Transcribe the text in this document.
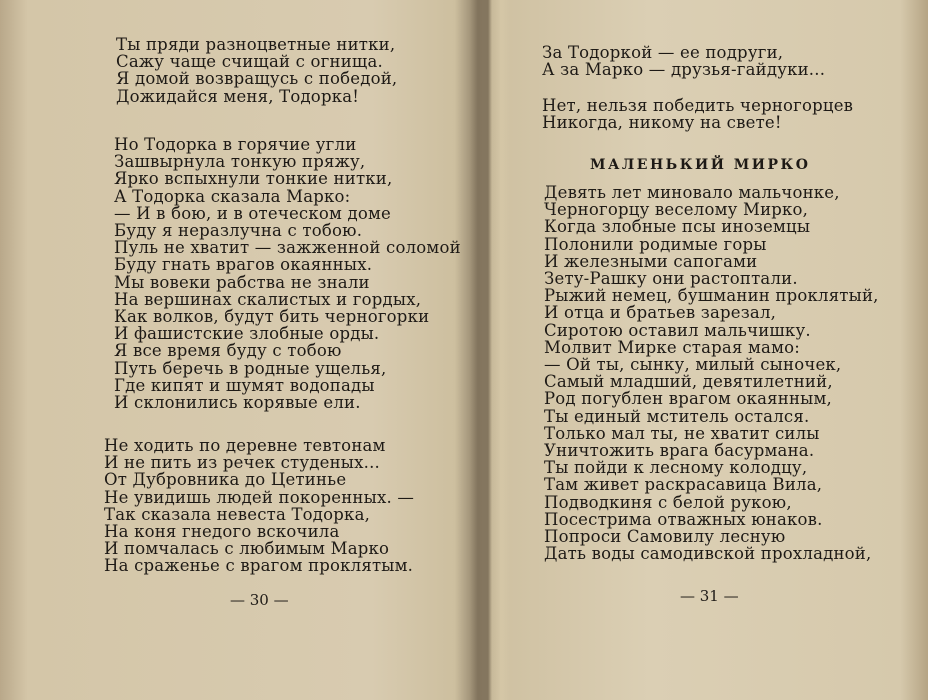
Ты пряди разноцветные нитки,
Сажу чаще счищай с огнища.
Я домой возвращусь с победой,
Дожидайся меня, Тодорка!
Но Тодорка в горячие угли
Зашвырнула тонкую пряжу,
Ярко вспыхнули тонкие нитки,
А Тодорка сказала Марко:
— И в бою, и в отеческом доме
Буду я неразлучна с тобою.
Пуль не хватит — зажженной соломой
Буду гнать врагов окаянных.
Мы вовеки рабства не знали
На вершинах скалистых и гордых,
Как волков, будут бить черногорки
И фашистские злобные орды.
Я все время буду с тобою
Путь беречь в родные ущелья,
Где кипят и шумят водопады
И склонились корявые ели.
Не ходить по деревне тевтонам
И не пить из речек студеных...
От Дубровника до Цетинье
Не увидишь людей покоренных. —
Так сказала невеста Тодорка,
На коня гнедого вскочила
И помчалась с любимым Марко
На сраженье с врагом проклятым.
— 30 —
За Тодоркой — ее подруги,
А за Марко — друзья-гайдуки...
Нет, нельзя победить черногорцев
Никогда, никому на свете!
МАЛЕНЬКИЙ МИРКО
Девять лет миновало мальчонке,
Черногорцу веселому Мирко,
Когда злобные псы иноземцы
Полонили родимые горы
И железными сапогами
Зету-Рашку они растоптали.
Рыжий немец, бушманин проклятый,
И отца и братьев зарезал,
Сиротою оставил мальчишку.
Молвит Мирке старая мамо:
— Ой ты, сынку, милый сыночек,
Самый младший, девятилетний,
Род погублен врагом окаянным,
Ты единый мститель остался.
Только мал ты, не хватит силы
Уничтожить врага басурмана.
Ты пойди к лесному колодцу,
Там живет раскрасавица Вила,
Подводкиня с белой рукою,
Посестрима отважных юнаков.
Попроси Самовилу лесную
Дать воды самодивской прохладной,
— 31 —
